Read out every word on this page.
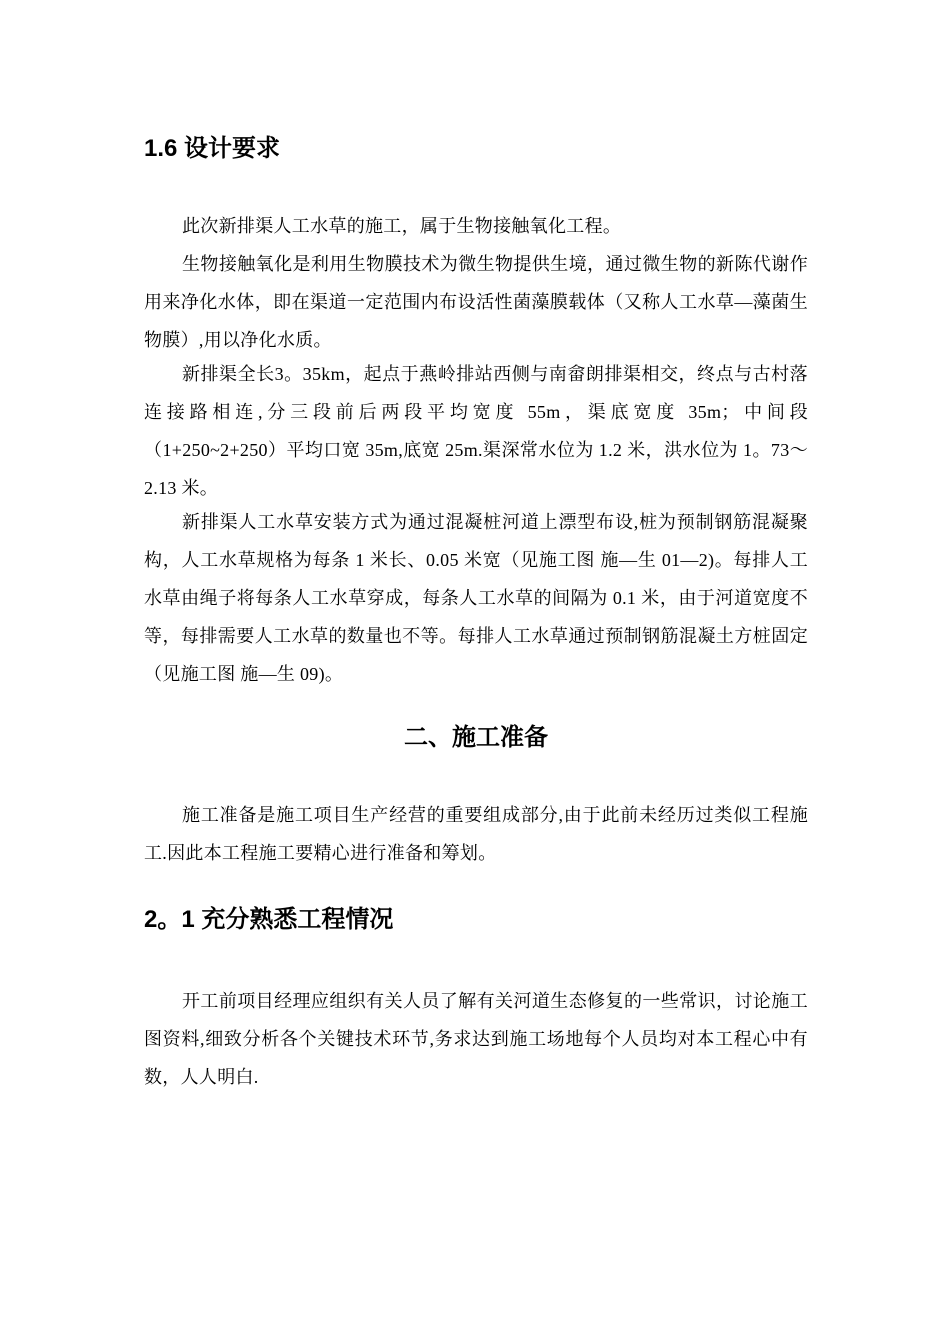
1.6 设计要求

此次新排渠人工水草的施工，属于生物接触氧化工程。

生物接触氧化是利用生物膜技术为微生物提供生境，通过微生物的新陈代谢作用来净化水体，即在渠道一定范围内布设活性菌藻膜载体（又称人工水草—藻菌生物膜）,用以净化水质。

新排渠全长3。35km，起点于燕岭排站西侧与南畲朗排渠相交，终点与古村落连接路相连,分三段前后两段平均宽度 55m，渠底宽度 35m；中间段（1+250~2+250）平均口宽 35m,底宽 25m.渠深常水位为 1.2 米，洪水位为 1。73～2.13 米。

新排渠人工水草安装方式为通过混凝桩河道上漂型布设,桩为预制钢筋混凝聚构，人工水草规格为每条 1 米长、0.05 米宽（见施工图 施—生 01—2)。每排人工水草由绳子将每条人工水草穿成，每条人工水草的间隔为 0.1 米，由于河道宽度不等，每排需要人工水草的数量也不等。每排人工水草通过预制钢筋混凝土方桩固定（见施工图 施—生 09)。

二、施工准备

施工准备是施工项目生产经营的重要组成部分,由于此前未经历过类似工程施工.因此本工程施工要精心进行准备和筹划。

2。1 充分熟悉工程情况

开工前项目经理应组织有关人员了解有关河道生态修复的一些常识，讨论施工图资料,细致分析各个关键技术环节,务求达到施工场地每个人员均对本工程心中有数，人人明白.
